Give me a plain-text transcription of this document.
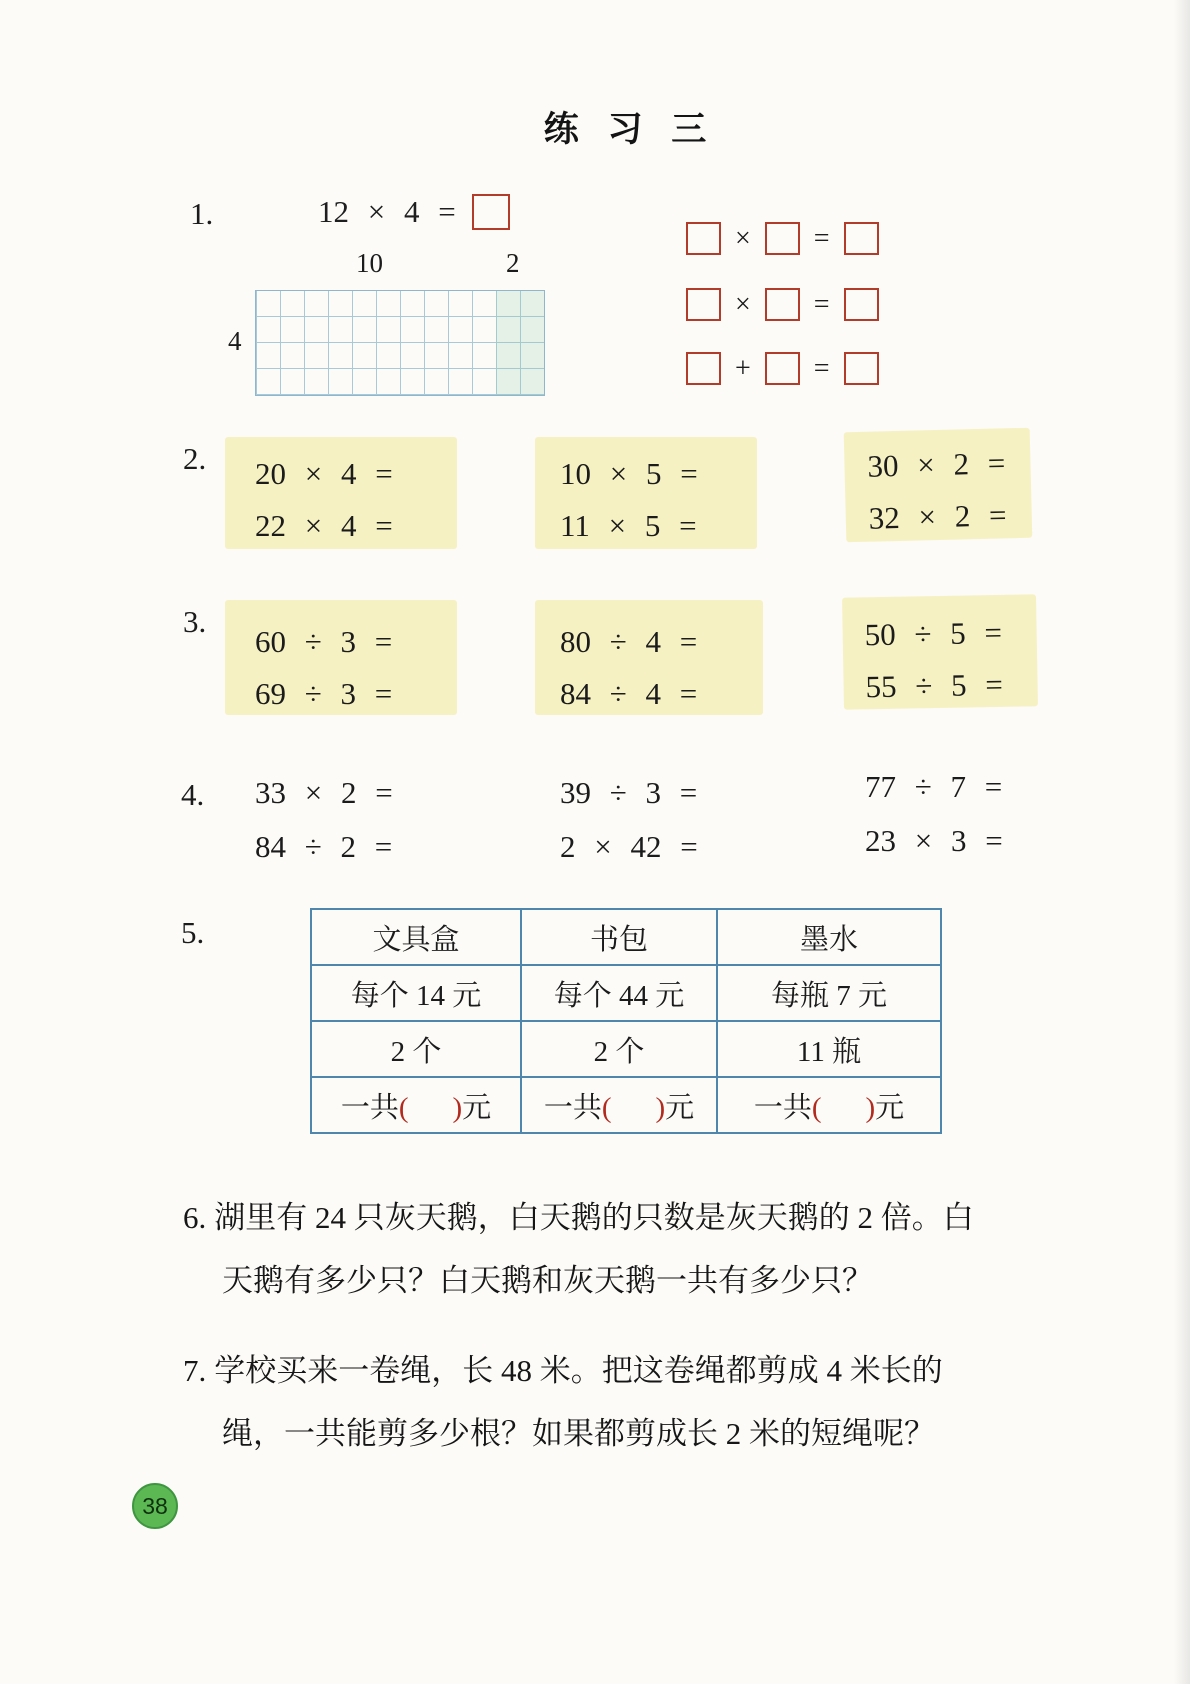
练 习 三
1.	12 × 4 =
10	2
4
× =
× =
+ =
2. 20 × 4 =
22 × 4 =
10 × 5 =
11 × 5 =
30 × 2 =
32 × 2 =
3.
60 ÷ 3 =
69 ÷ 3 =
80 ÷ 4 =
84 ÷ 4 =
50 ÷ 5 =
55 ÷ 5 =
4. 33 × 2 =
84 ÷ 2 =
39 ÷ 3 =
2 × 42 =
77 ÷ 7 =
23 × 3 =
5.	文具盒	书包	墨水
每个 14 元	每个 44 元	每瓶 7 元
2 个	2 个	11 瓶
一共( )元	一共( )元	一共( )元
6. 湖里有 24 只灰天鹅，白天鹅的只数是灰天鹅的 2 倍。白
天鹅有多少只？白天鹅和灰天鹅一共有多少只？
7. 学校买来一卷绳，长 48 米。把这卷绳都剪成 4 米长的
绳，一共能剪多少根？如果都剪成长 2 米的短绳呢？
38
